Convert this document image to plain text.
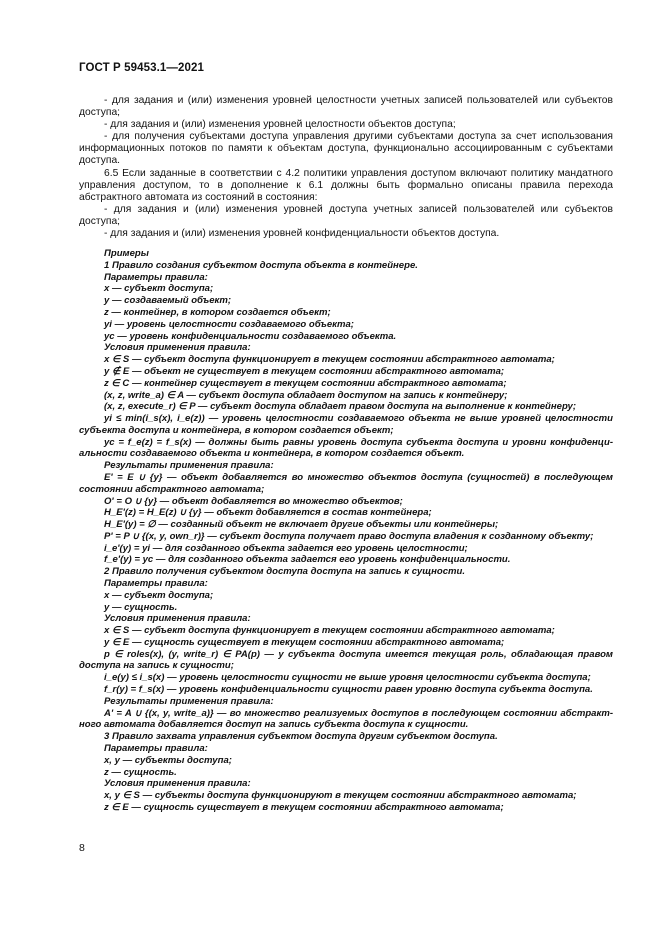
ГОСТ Р 59453.1—2021

- для задания и (или) изменения уровней целостности учетных записей пользователей или субъектов доступа;

- для задания и (или) изменения уровней целостности объектов доступа;

- для получения субъектами доступа управления другими субъектами доступа за счет использования информационных потоков по памяти к объектам доступа, функционально ассоциированным с субъектами доступа.

6.5 Если заданные в соответствии с 4.2 политики управления доступом включают политику мандатного управления доступом, то в дополнение к 6.1 должны быть формально описаны правила перехода абстрактного автомата из состояний в состояния:

- для задания и (или) изменения уровней доступа учетных записей пользователей или субъектов доступа;

- для задания и (или) изменения уровней конфиденциальности объектов доступа.

Примеры

1 Правило создания субъектом доступа объекта в контейнере.

Параметры правила:

x — субъект доступа;

y — создаваемый объект;

z — контейнер, в котором создается объект;

yi — уровень целостности создаваемого объекта;

yc — уровень конфиденциальности создаваемого объекта.

Условия применения правила:

x ∈ S — субъект доступа функционирует в текущем состоянии абстрактного автомата;

y ∉ E — объект не существует в текущем состоянии абстрактного автомата;

z ∈ C — контейнер существует в текущем состоянии абстрактного автомата;

(x, z, write_a) ∈ A — субъект доступа обладает доступом на запись к контейнеру;

(x, z, execute_r) ∈ P — субъект доступа обладает правом доступа на выполнение к контейнеру;

yi ≤ min(i_s(x), i_e(z)) — уровень целостности создаваемого объекта не выше уровней целостности субъекта доступа и контейнера, в котором создается объект;

yc = f_e(z) = f_s(x) — должны быть равны уровень доступа субъекта доступа и уровни конфиденциальности создаваемого объекта и контейнера, в котором создается объект.

Результаты применения правила:

E' = E ∪ {y} — объект добавляется во множество объектов доступа (сущностей) в последующем состоянии абстрактного автомата;

O' = O ∪ {y} — объект добавляется во множество объектов;

H_E'(z) = H_E(z) ∪ {y} — объект добавляется в состав контейнера;

H_E'(y) = ∅ — созданный объект не включает другие объекты или контейнеры;

P' = P ∪ {(x, y, own_r)} — субъект доступа получает право доступа владения к созданному объекту;

i_e'(y) = yi — для созданного объекта задается его уровень целостности;

f_e'(y) = yc — для созданного объекта задается его уровень конфиденциальности.

2 Правило получения субъектом доступа доступа на запись к сущности.

Параметры правила:

x — субъект доступа;

y — сущность.

Условия применения правила:

x ∈ S — субъект доступа функционирует в текущем состоянии абстрактного автомата;

y ∈ E — сущность существует в текущем состоянии абстрактного автомата;

p ∈ roles(x), (y, write_r) ∈ PA(p) — у субъекта доступа имеется текущая роль, обладающая правом доступа на запись к сущности;

i_e(y) ≤ i_s(x) — уровень целостности сущности не выше уровня целостности субъекта доступа;

f_r(y) = f_s(x) — уровень конфиденциальности сущности равен уровню доступа субъекта доступа.

Результаты применения правила:

A' = A ∪ {(x, y, write_a)} — во множество реализуемых доступов в последующем состоянии абстрактного автомата добавляется доступ на запись субъекта доступа к сущности.

3 Правило захвата управления субъектом доступа другим субъектом доступа.

Параметры правила:

x, y — субъекты доступа;

z — сущность.

Условия применения правила:

x, y ∈ S — субъекты доступа функционируют в текущем состоянии абстрактного автомата;

z ∈ E — сущность существует в текущем состоянии абстрактного автомата;

8
